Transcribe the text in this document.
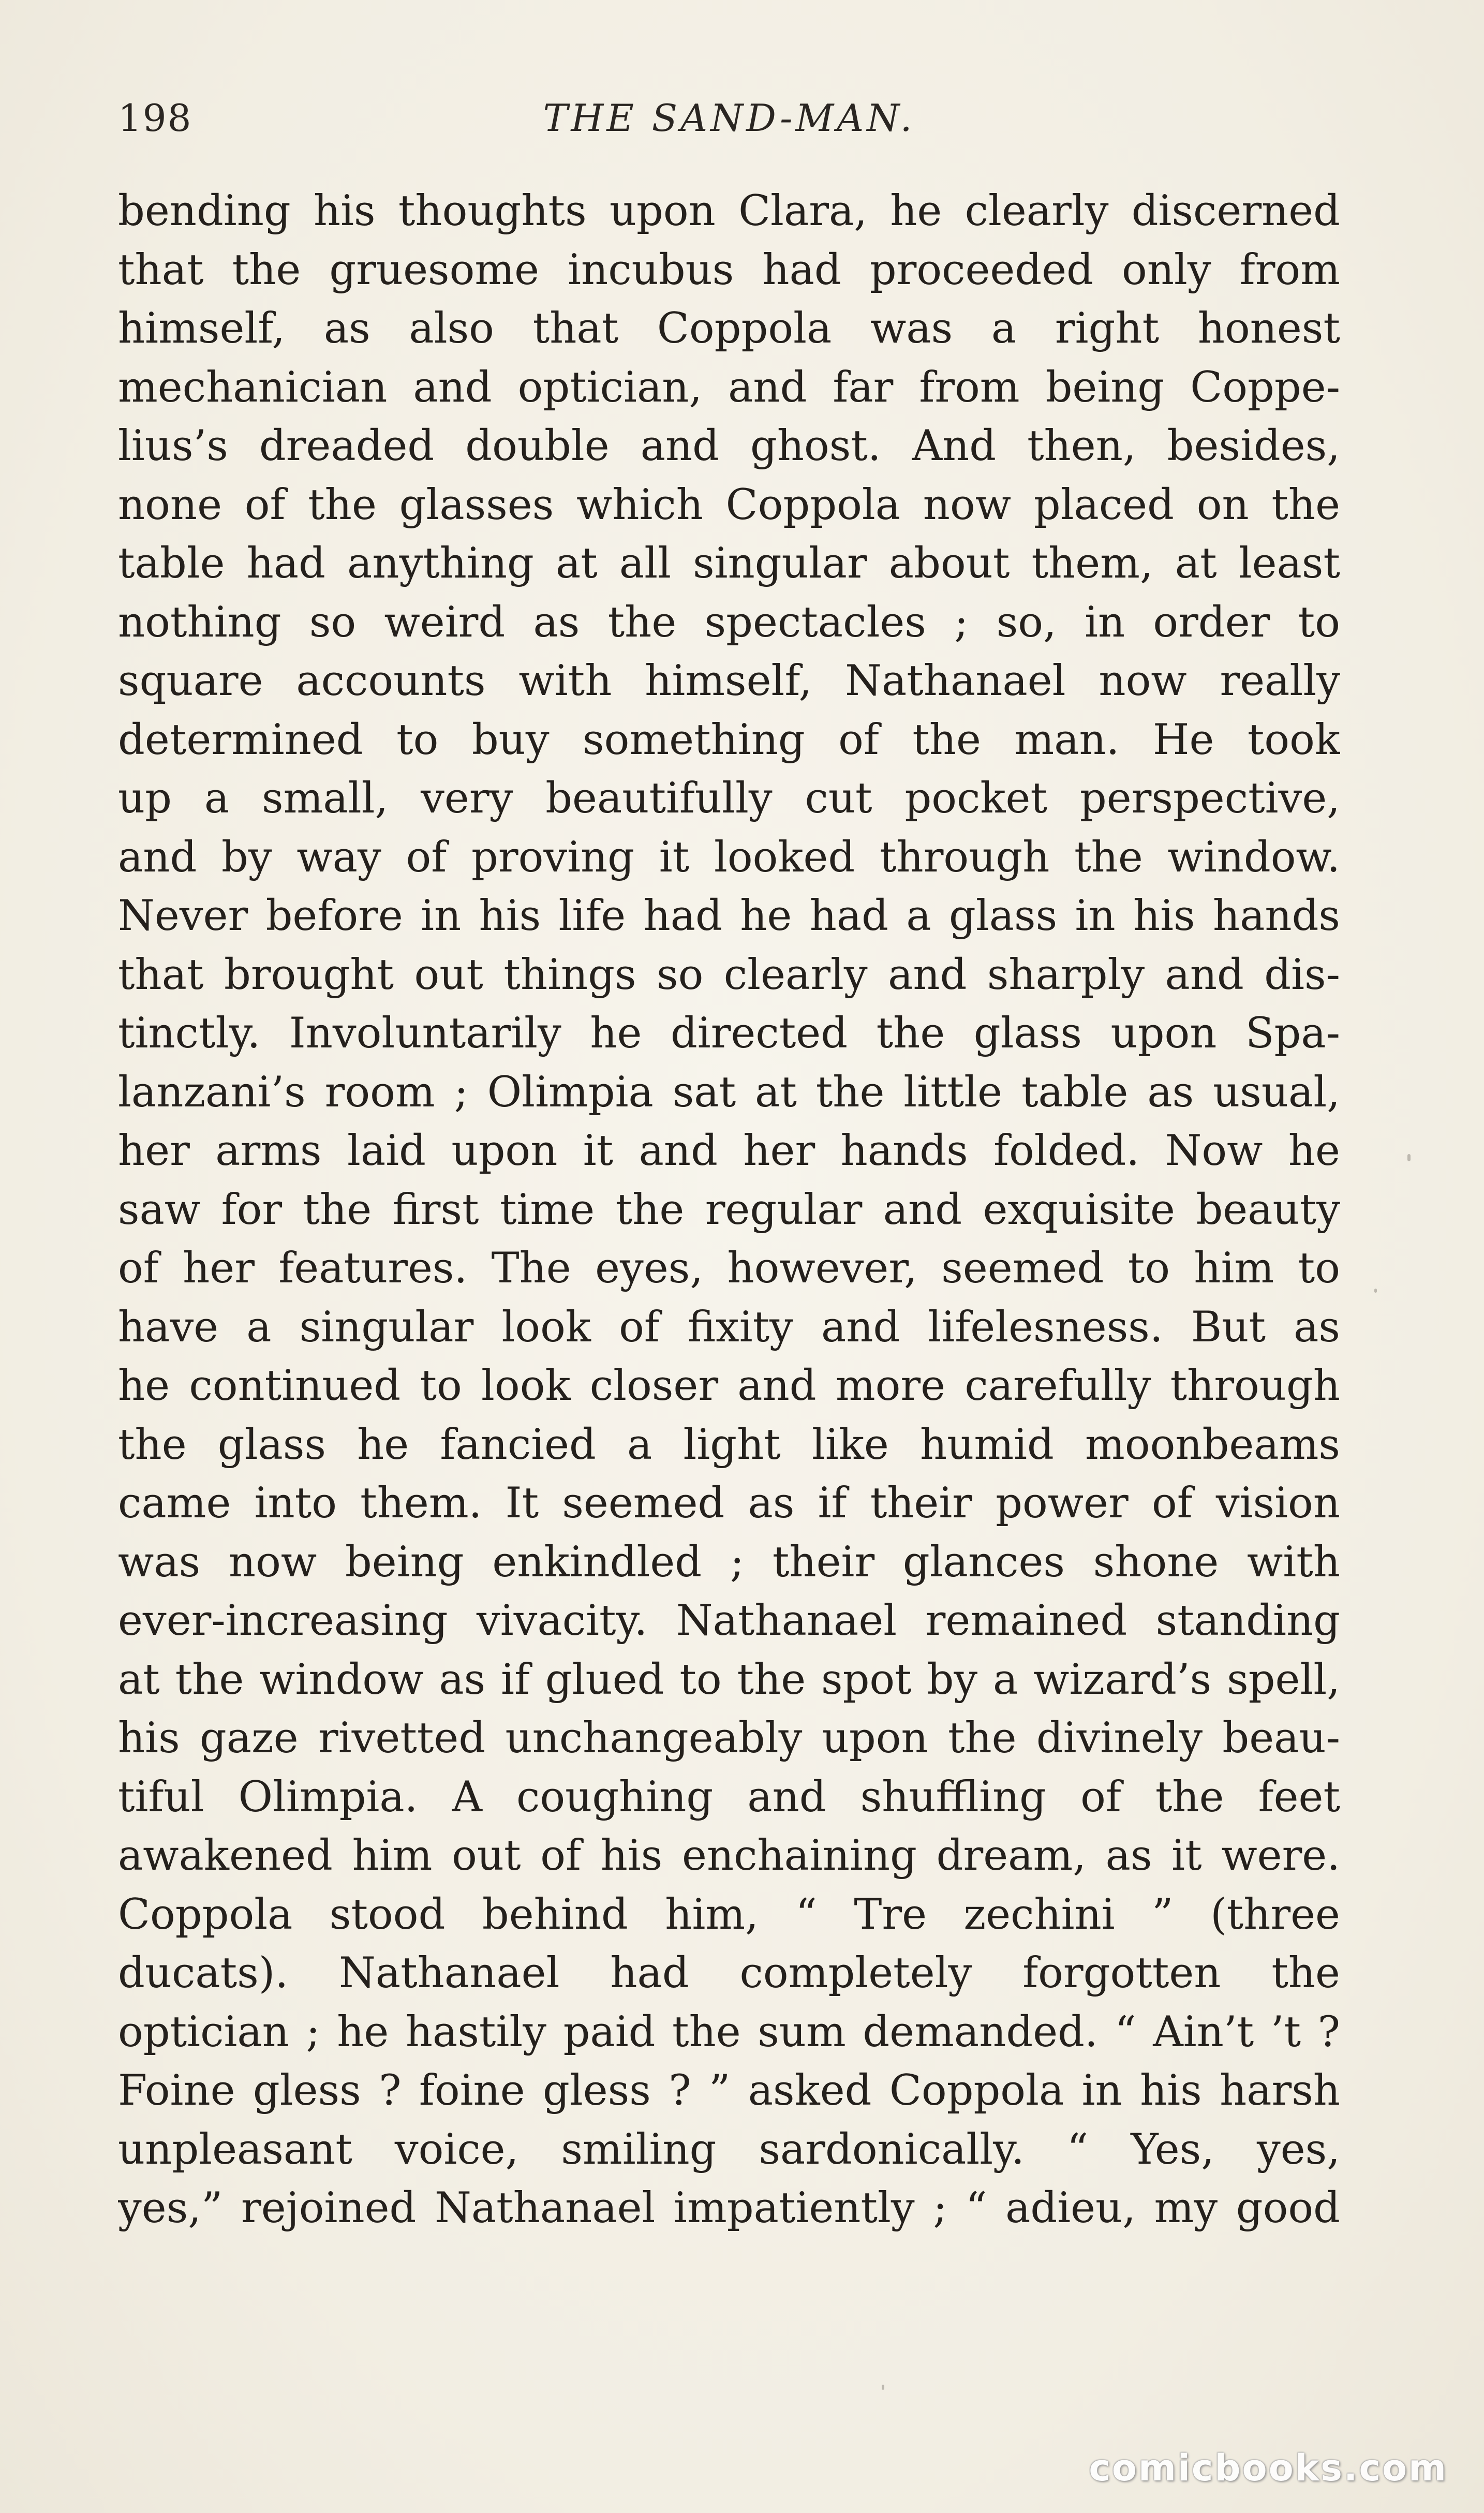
198	THE SAND-MAN.
bending his thoughts upon Clara, he clearly discerned
that the gruesome incubus had proceeded only from
himself, as also that Coppola was a right honest
mechanician and optician, and far from being Coppe-
lius’s dreaded double and ghost. And then, besides,
none of the glasses which Coppola now placed on the
table had anything at all singular about them, at least
nothing so weird as the spectacles ; so, in order to
square accounts with himself, Nathanael now really
determined to buy something of the man. He took
up a small, very beautifully cut pocket perspective,
and by way of proving it looked through the window.
Never before in his life had he had a glass in his hands
that brought out things so clearly and sharply and dis-
tinctly. Involuntarily he directed the glass upon Spa-
lanzani’s room ; Olimpia sat at the little table as usual,
her arms laid upon it and her hands folded. Now he
saw for the first time the regular and exquisite beauty
of her features. The eyes, however, seemed to him to
have a singular look of fixity and lifelesness. But as
he continued to look closer and more carefully through
the glass he fancied a light like humid moonbeams
came into them. It seemed as if their power of vision
was now being enkindled ; their glances shone with
ever-increasing vivacity. Nathanael remained standing
at the window as if glued to the spot by a wizard’s spell,
his gaze rivetted unchangeably upon the divinely beau-
tiful Olimpia. A coughing and shuffling of the feet
awakened him out of his enchaining dream, as it were.
Coppola stood behind him, “ Tre zechini ” (three
ducats). Nathanael had completely forgotten the
optician ; he hastily paid the sum demanded. “ Ain’t ’t ?
Foine gless ? foine gless ? ” asked Coppola in his harsh
unpleasant voice, smiling sardonically. “ Yes, yes,
yes,” rejoined Nathanael impatiently ; “ adieu, my good
comicbooks.com
